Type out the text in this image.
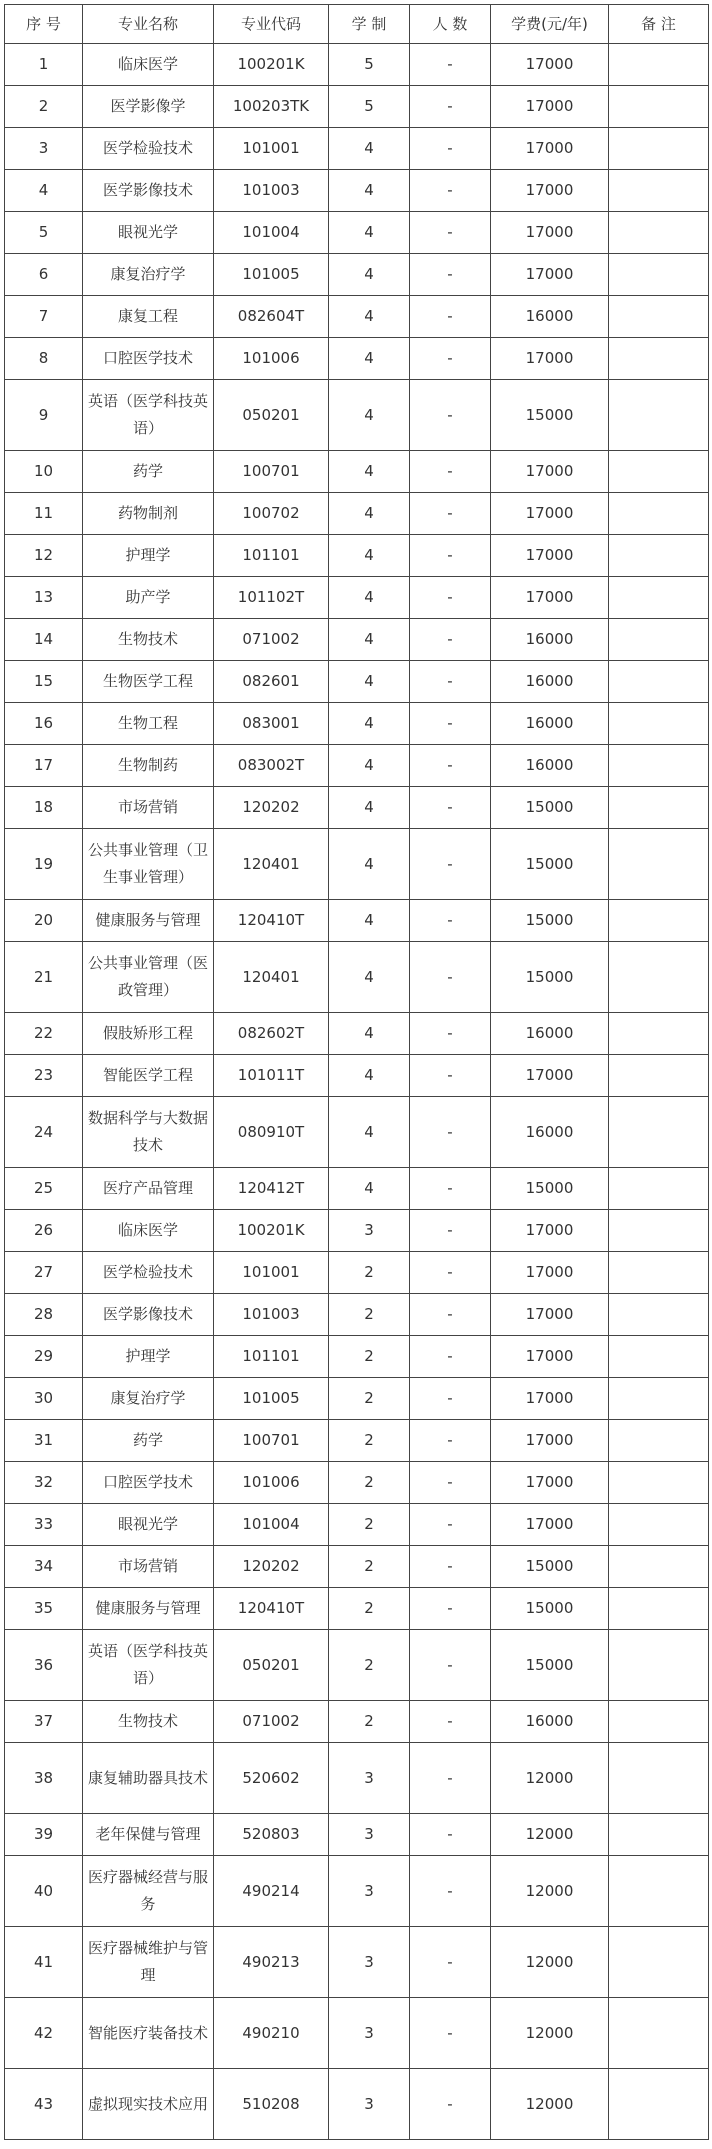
序 号	专业名称	专业代码	学 制	人 数	学费(元/年)	备 注
1	临床医学	100201K	5	-	17000	
2	医学影像学	100203TK	5	-	17000	
3	医学检验技术	101001	4	-	17000	
4	医学影像技术	101003	4	-	17000	
5	眼视光学	101004	4	-	17000	
6	康复治疗学	101005	4	-	17000	
7	康复工程	082604T	4	-	16000	
8	口腔医学技术	101006	4	-	17000	
9	英语（医学科技英语）	050201	4	-	15000	
10	药学	100701	4	-	17000	
11	药物制剂	100702	4	-	17000	
12	护理学	101101	4	-	17000	
13	助产学	101102T	4	-	17000	
14	生物技术	071002	4	-	16000	
15	生物医学工程	082601	4	-	16000	
16	生物工程	083001	4	-	16000	
17	生物制药	083002T	4	-	16000	
18	市场营销	120202	4	-	15000	
19	公共事业管理（卫生事业管理）	120401	4	-	15000	
20	健康服务与管理	120410T	4	-	15000	
21	公共事业管理（医政管理）	120401	4	-	15000	
22	假肢矫形工程	082602T	4	-	16000	
23	智能医学工程	101011T	4	-	17000	
24	数据科学与大数据技术	080910T	4	-	16000	
25	医疗产品管理	120412T	4	-	15000	
26	临床医学	100201K	3	-	17000	
27	医学检验技术	101001	2	-	17000	
28	医学影像技术	101003	2	-	17000	
29	护理学	101101	2	-	17000	
30	康复治疗学	101005	2	-	17000	
31	药学	100701	2	-	17000	
32	口腔医学技术	101006	2	-	17000	
33	眼视光学	101004	2	-	17000	
34	市场营销	120202	2	-	15000	
35	健康服务与管理	120410T	2	-	15000	
36	英语（医学科技英语）	050201	2	-	15000	
37	生物技术	071002	2	-	16000	
38	康复辅助器具技术	520602	3	-	12000	
39	老年保健与管理	520803	3	-	12000	
40	医疗器械经营与服务	490214	3	-	12000	
41	医疗器械维护与管理	490213	3	-	12000	
42	智能医疗装备技术	490210	3	-	12000	
43	虚拟现实技术应用	510208	3	-	12000	
